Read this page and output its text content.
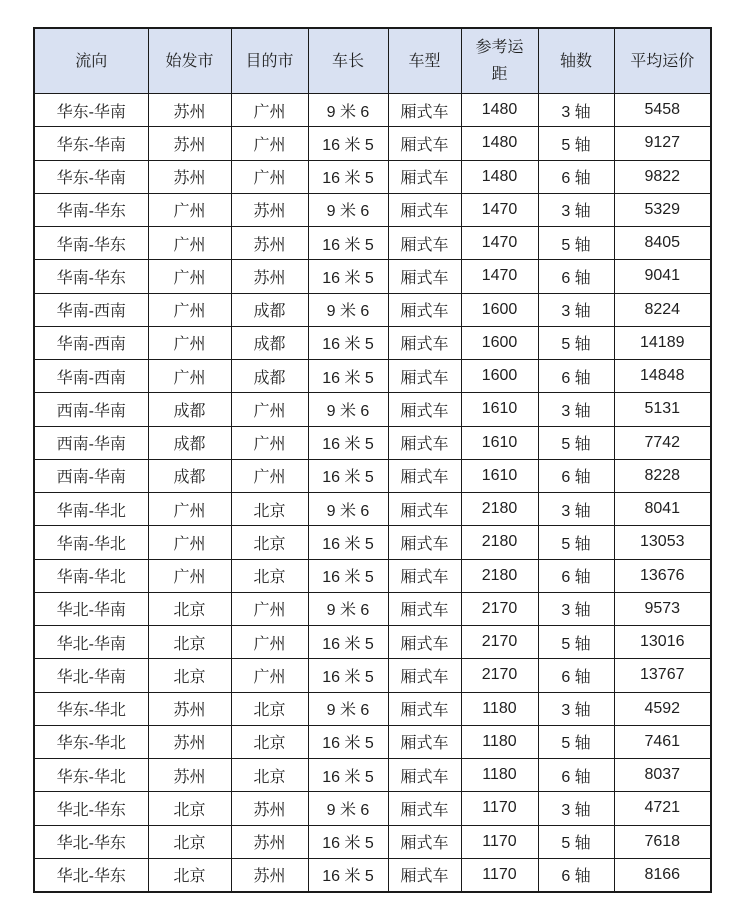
流向	始发市	目的市	车长	车型	参考运距	轴数	平均运价
华东-华南	苏州	广州	9 米 6	厢式车	1480	3 轴	5458
华东-华南	苏州	广州	16 米 5	厢式车	1480	5 轴	9127
华东-华南	苏州	广州	16 米 5	厢式车	1480	6 轴	9822
华南-华东	广州	苏州	9 米 6	厢式车	1470	3 轴	5329
华南-华东	广州	苏州	16 米 5	厢式车	1470	5 轴	8405
华南-华东	广州	苏州	16 米 5	厢式车	1470	6 轴	9041
华南-西南	广州	成都	9 米 6	厢式车	1600	3 轴	8224
华南-西南	广州	成都	16 米 5	厢式车	1600	5 轴	14189
华南-西南	广州	成都	16 米 5	厢式车	1600	6 轴	14848
西南-华南	成都	广州	9 米 6	厢式车	1610	3 轴	5131
西南-华南	成都	广州	16 米 5	厢式车	1610	5 轴	7742
西南-华南	成都	广州	16 米 5	厢式车	1610	6 轴	8228
华南-华北	广州	北京	9 米 6	厢式车	2180	3 轴	8041
华南-华北	广州	北京	16 米 5	厢式车	2180	5 轴	13053
华南-华北	广州	北京	16 米 5	厢式车	2180	6 轴	13676
华北-华南	北京	广州	9 米 6	厢式车	2170	3 轴	9573
华北-华南	北京	广州	16 米 5	厢式车	2170	5 轴	13016
华北-华南	北京	广州	16 米 5	厢式车	2170	6 轴	13767
华东-华北	苏州	北京	9 米 6	厢式车	1180	3 轴	4592
华东-华北	苏州	北京	16 米 5	厢式车	1180	5 轴	7461
华东-华北	苏州	北京	16 米 5	厢式车	1180	6 轴	8037
华北-华东	北京	苏州	9 米 6	厢式车	1170	3 轴	4721
华北-华东	北京	苏州	16 米 5	厢式车	1170	5 轴	7618
华北-华东	北京	苏州	16 米 5	厢式车	1170	6 轴	8166
